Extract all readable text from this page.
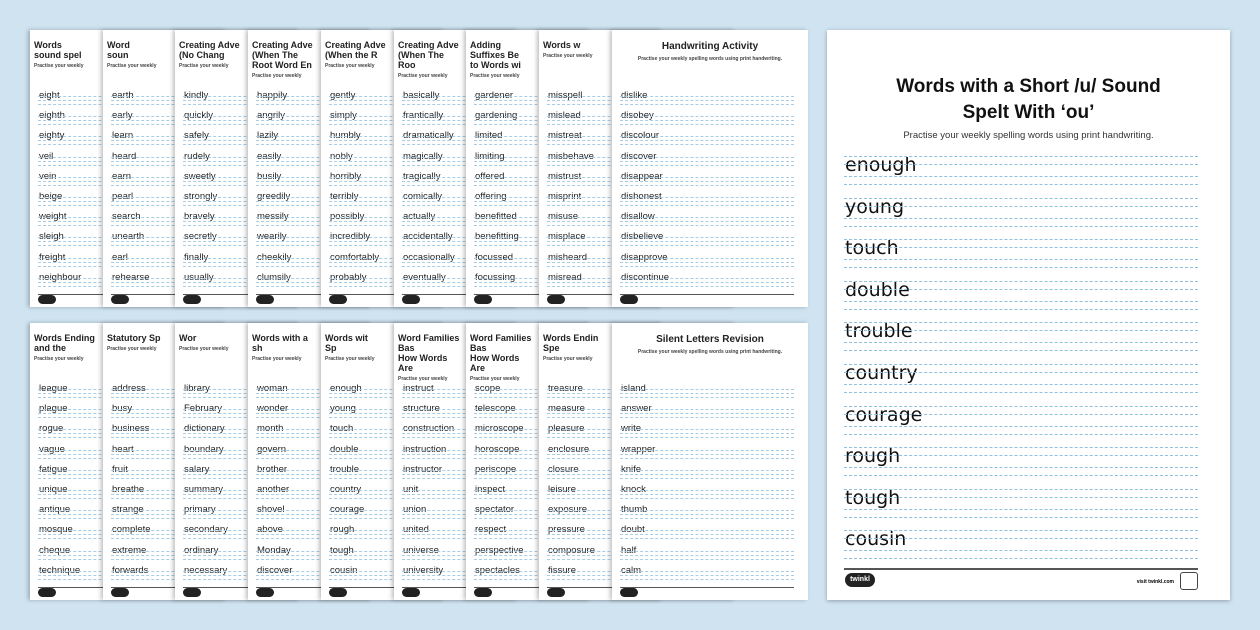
Words
sound spel
Practise your weekly
eight
eighth
eighty
veil
vein
beige
weight
sleigh
freight
neighbour
Word
soun
Practise your weekly
earth
early
learn
heard
earn
pearl
search
unearth
earl
rehearse
Creating Adve
(No Chang
Practise your weekly
kindly
quickly
safely
rudely
sweetly
strongly
bravely
secretly
finally
usually
Creating Adve
(When The Root Word En
Practise your weekly
happily
angrily
lazily
easily
busily
greedily
messily
wearily
cheekily
clumsily
Creating Adve
(When the R
Practise your weekly
gently
simply
humbly
nobly
horribly
terribly
possibly
incredibly
comfortably
probably
Creating Adve
(When The Roo
Practise your weekly
basically
frantically
dramatically
magically
tragically
comically
actually
accidentally
occasionally
eventually
Adding Suffixes Be
to Words wi
Practise your weekly
gardener
gardening
limited
limiting
offered
offering
benefitted
benefitting
focussed
focussing
Words w
Practise your weekly
misspell
mislead
mistreat
misbehave
mistrust
misprint
misuse
misplace
misheard
misread
Handwriting Activity
Practise your weekly spelling words using print handwriting.
dislike
disobey
discolour
discover
disappear
dishonest
disallow
disbelieve
disapprove
discontinue
Words Ending
and the
Practise your weekly
league
plague
rogue
vague
fatigue
unique
antique
mosque
cheque
technique
Statutory Sp
Practise your weekly
address
busy
business
heart
fruit
breathe
strange
complete
extreme
forwards
Wor
Practise your weekly
library
February
dictionary
boundary
salary
summary
primary
secondary
ordinary
necessary
Words with a sh
Practise your weekly
woman
wonder
month
govern
brother
another
shovel
above
Monday
discover
Words wit
Sp
Practise your weekly
enough
young
touch
double
trouble
country
courage
rough
tough
cousin
Word Families Bas
How Words Are
Practise your weekly
instruct
structure
construction
instruction
instructor
unit
union
united
universe
university
Word Families Bas
How Words Are
Practise your weekly
scope
telescope
microscope
horoscope
periscope
inspect
spectator
respect
perspective
spectacles
Words Endin
Spe
Practise your weekly
treasure
measure
pleasure
enclosure
closure
leisure
exposure
pressure
composure
fissure
Silent Letters Revision
Practise your weekly spelling words using print handwriting.
island
answer
write
wrapper
knife
knock
thumb
doubt
half
calm
Words with a Short /u/ Sound
Spelt With ‘ou’
Practise your weekly spelling words using print handwriting.
enough
young
touch
double
trouble
country
courage
rough
tough
cousin
twinkl	visit twinkl.com
